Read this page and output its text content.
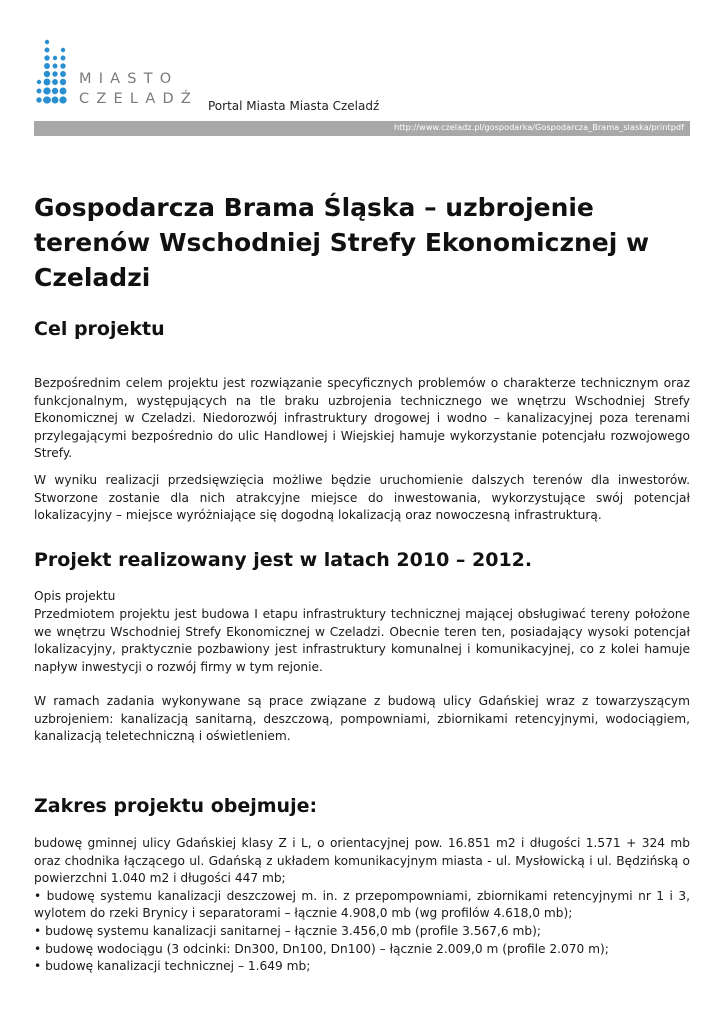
MIASTO
CZELADŹ Portal Miasta Miasta Czeladź
http://www.czeladz.pl/gospodarka/Gospodarcza_Brama_slaska/printpdf
Gospodarcza Brama Śląska – uzbrojenie terenów Wschodniej Strefy Ekonomicznej w Czeladzi
Cel projektu

Bezpośrednim celem projektu jest rozwiązanie specyficznych problemów o charakterze technicznym oraz funkcjonalnym, występujących na tle braku uzbrojenia technicznego we wnętrzu Wschodniej Strefy Ekonomicznej w Czeladzi. Niedorozwój infrastruktury drogowej i wodno – kanalizacyjnej poza terenami przylegającymi bezpośrednio do ulic Handlowej i Wiejskiej hamuje wykorzystanie potencjału rozwojowego Strefy.

W wyniku realizacji przedsięwzięcia możliwe będzie uruchomienie dalszych terenów dla inwestorów. Stworzone zostanie dla nich atrakcyjne miejsce do inwestowania, wykorzystujące swój potencjał lokalizacyjny – miejsce wyróżniające się dogodną lokalizacją oraz nowoczesną infrastrukturą.

Projekt realizowany jest w latach 2010 – 2012.

Opis projektu

Przedmiotem projektu jest budowa I etapu infrastruktury technicznej mającej obsługiwać tereny położone we wnętrzu Wschodniej Strefy Ekonomicznej w Czeladzi. Obecnie teren ten, posiadający wysoki potencjał lokalizacyjny, praktycznie pozbawiony jest infrastruktury komunalnej i komunikacyjnej, co z kolei hamuje napływ inwestycji o rozwój firmy w tym rejonie.

W ramach zadania wykonywane są prace związane z budową ulicy Gdańskiej wraz z towarzyszącym uzbrojeniem: kanalizacją sanitarną, deszczową, pompowniami, zbiornikami retencyjnymi, wodociągiem, kanalizacją teletechniczną i oświetleniem.

Zakres projektu obejmuje:

budowę gminnej ulicy Gdańskiej klasy Z i L, o orientacyjnej pow. 16.851 m2 i długości 1.571 + 324 mb oraz chodnika łączącego ul. Gdańską z układem komunikacyjnym miasta - ul. Mysłowicką i ul. Będzińską o powierzchni 1.040 m2 i długości 447 mb;

• budowę systemu kanalizacji deszczowej m. in. z przepompowniami, zbiornikami retencyjnymi nr 1 i 3, wylotem do rzeki Brynicy i separatorami – łącznie 4.908,0 mb (wg profilów 4.618,0 mb);

• budowę systemu kanalizacji sanitarnej – łącznie 3.456,0 mb (profile 3.567,6 mb);

• budowę wodociągu (3 odcinki: Dn300, Dn100, Dn100) – łącznie 2.009,0 m (profile 2.070 m);

• budowę kanalizacji technicznej – 1.649 mb;
